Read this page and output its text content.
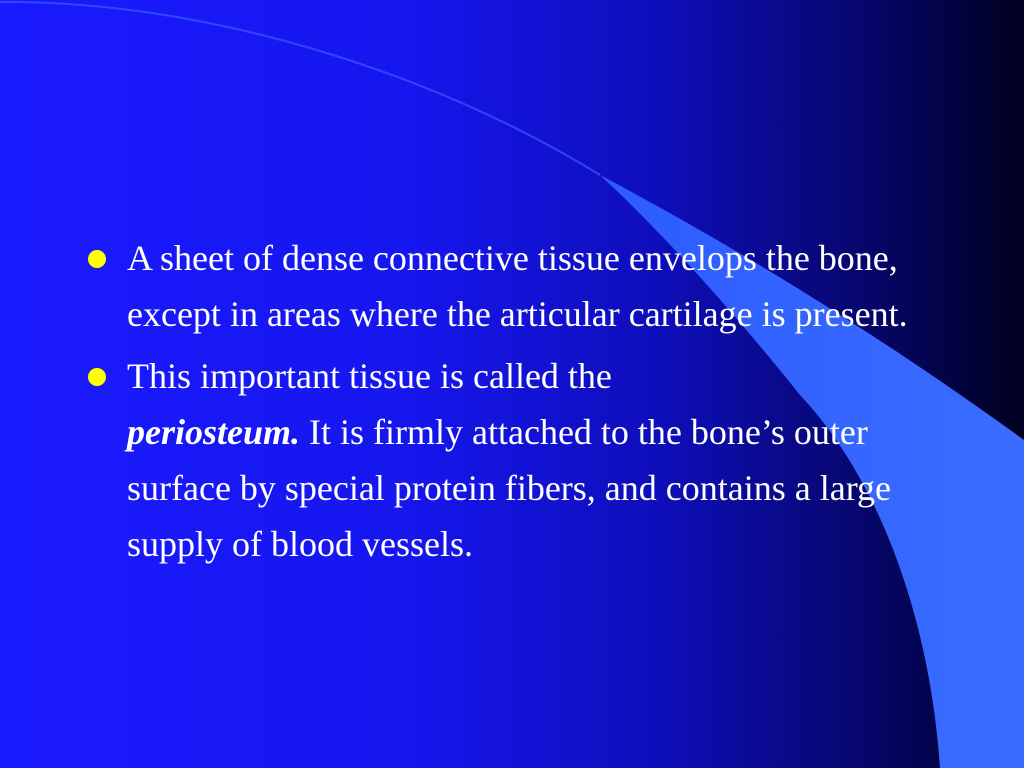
A sheet of dense connective tissue envelops the bone, except in areas where the articular cartilage is present.
This important tissue is called the
periosteum. It is firmly attached to the bone’s outer surface by special protein fibers, and contains a large supply of blood vessels.
